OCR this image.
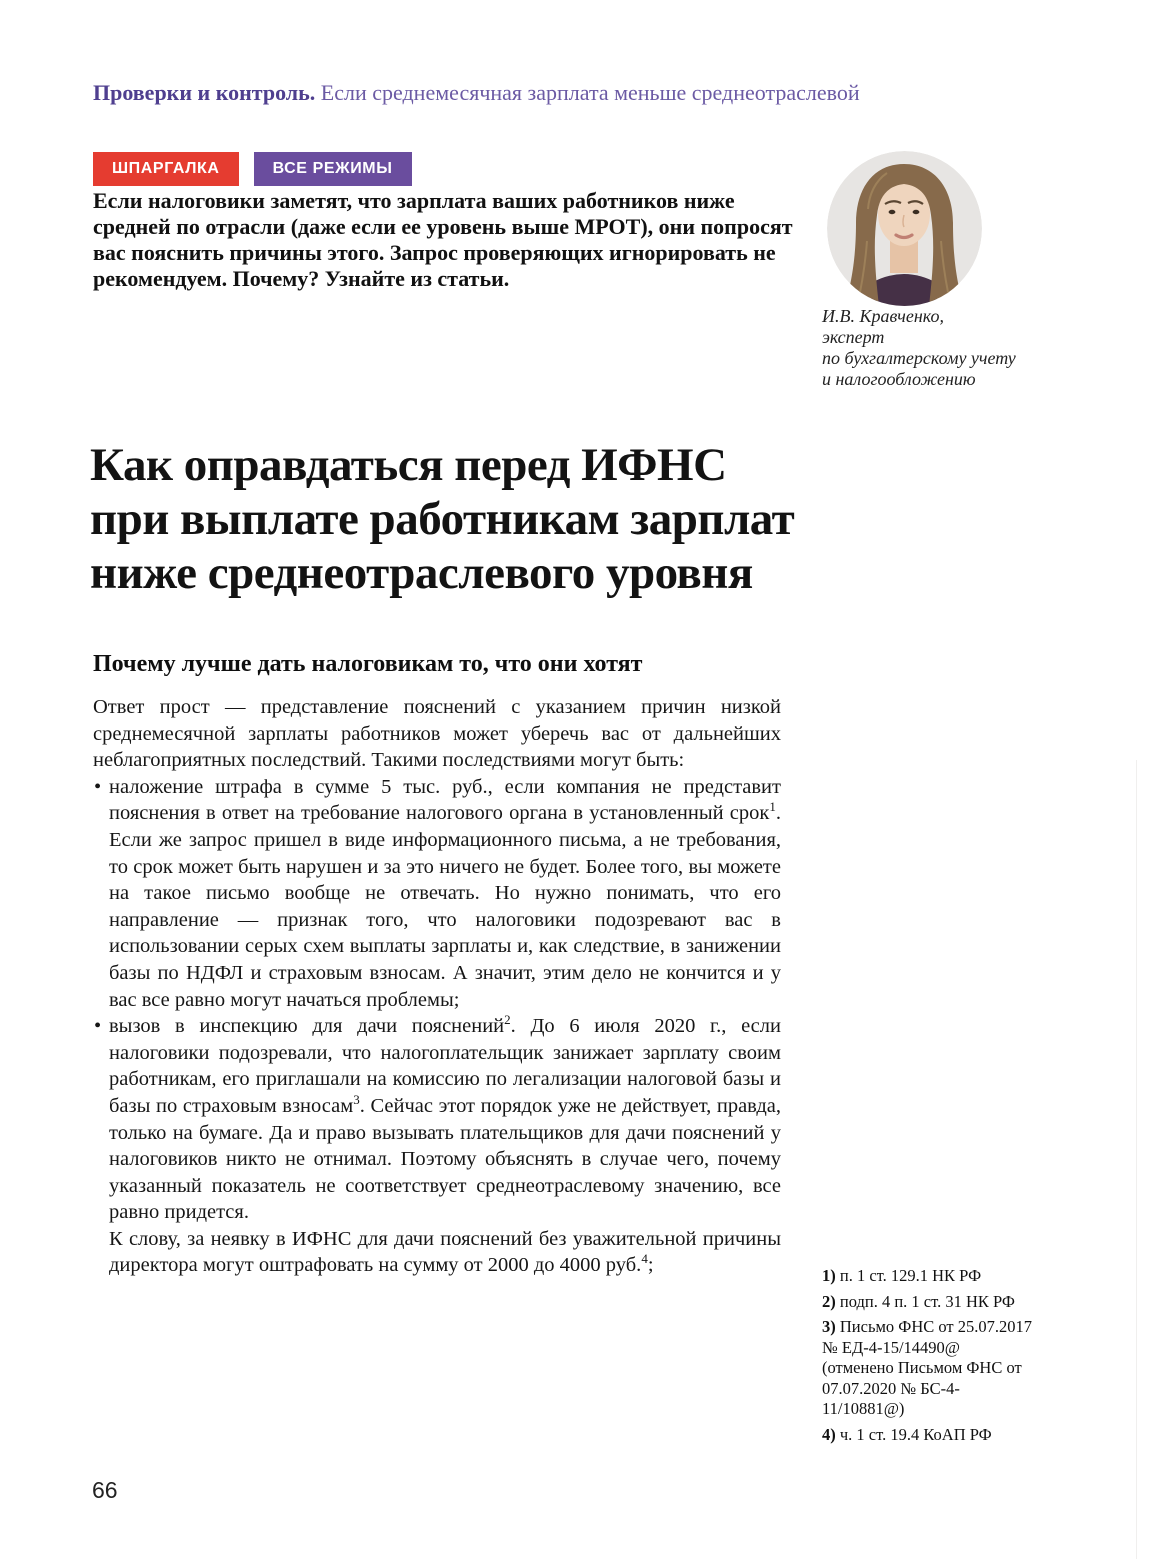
Проверки и контроль. Если среднемесячная зарплата меньше среднеотраслевой
ШПАРГАЛКА	ВСЕ РЕЖИМЫ

Если налоговики заметят, что зарплата ваших работников ниже средней по отрасли (даже если ее уровень выше МРОТ), они попросят вас пояснить причины этого. Запрос проверяющих игнорировать не рекомендуем. Почему? Узнайте из статьи.

И.В. Кравченко,
эксперт
по бухгалтерскому учету
и налогообложению
Как оправдаться перед ИФНС
при выплате работникам зарплат
ниже среднеотраслевого уровня
Почему лучше дать налоговикам то, что они хотят

Ответ прост — представление пояснений с указанием причин низкой среднемесячной зарплаты работников может уберечь вас от дальнейших неблагоприятных последствий. Такими последствиями могут быть:

• наложение штрафа в сумме 5 тыс. руб., если компания не представит пояснения в ответ на требование налогового органа в установленный срок$^1$. Если же запрос пришел в виде информационного письма, а не требования, то срок может быть нарушен и за это ничего не будет. Более того, вы можете на такое письмо вообще не отвечать. Но нужно понимать, что его направление — признак того, что налоговики подозревают вас в использовании серых схем выплаты зарплаты и, как следствие, в занижении базы по НДФЛ и страховым взносам. А значит, этим дело не кончится и у вас все равно могут начаться проблемы;
• вызов в инспекцию для дачи пояснений$^2$. До 6 июля 2020 г., если налоговики подозревали, что налогоплательщик занижает зарплату своим работникам, его приглашали на комиссию по легализации налоговой базы и базы по страховым взносам$^3$. Сейчас этот порядок уже не действует, правда, только на бумаге. Да и право вызывать плательщиков для дачи пояснений у налоговиков никто не отнимал. Поэтому объяснять в случае чего, почему указанный показатель не соответствует среднеотраслевому значению, все равно придется.

К слову, за неявку в ИФНС для дачи пояснений без уважительной причины директора могут оштрафовать на сумму от 2000 до 4000 руб.$^4$;	1) п. 1 ст. 129.1 НК РФ
2) подп. 4 п. 1 ст. 31 НК РФ
3) Письмо ФНС от 25.07.2017 № ЕД-4-15/14490@ (отменено Письмом ФНС от 07.07.2020 № БС-4-11/10881@)
4) ч. 1 ст. 19.4 КоАП РФ
66
